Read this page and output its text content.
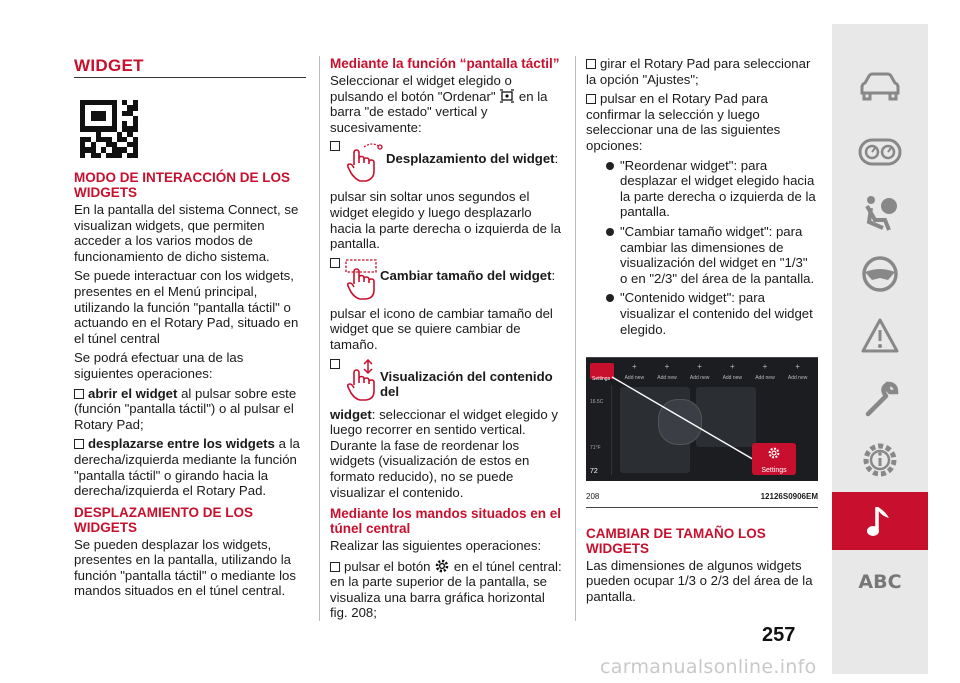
WIDGET
MODO DE INTERACCIÓN DE LOS WIDGETS

En la pantalla del sistema Connect, se visualizan widgets, que permiten acceder a los varios modos de funcionamiento de dicho sistema.

Se puede interactuar con los widgets, presentes en el Menú principal, utilizando la función "pantalla táctil" o actuando en el Rotary Pad, situado en el túnel central

Se podrá efectuar una de las siguientes operaciones:

abrir el widget al pulsar sobre este (función "pantalla táctil") o al pulsar el Rotary Pad;

desplazarse entre los widgets a la derecha/izquierda mediante la función "pantalla táctil" o girando hacia la derecha/izquierda el Rotary Pad.

DESPLAZAMIENTO DE LOS WIDGETS

Se pueden desplazar los widgets, presentes en la pantalla, utilizando la función "pantalla táctil" o mediante los mandos situados en el túnel central.

Mediante la función “pantalla táctil”

Seleccionar el widget elegido o pulsando el botón "Ordenar"  en la barra "de estado" vertical y sucesivamente:

Desplazamiento del widget:

pulsar sin soltar unos segundos el widget elegido y luego desplazarlo hacia la parte derecha o izquierda de la pantalla.

Cambiar tamaño del widget:

pulsar el icono de cambiar tamaño del widget que se quiere cambiar de tamaño.

Visualización del contenido del

widget: seleccionar el widget elegido y luego recorrer en sentido vertical. Durante la fase de reordenar los widgets (visualización de estos en formato reducido), no se puede visualizar el contenido.

Mediante los mandos situados en el túnel central

Realizar las siguientes operaciones:

pulsar el botón  en el túnel central: en la parte superior de la pantalla, se visualiza una barra gráfica horizontal fig. 208;

girar el Rotary Pad para seleccionar la opción "Ajustes";

pulsar en el Rotary Pad para confirmar la selección y luego seleccionar una de las siguientes opciones:

"Reordenar widget": para desplazar el widget elegido hacia la parte derecha o izquierda de la pantalla.

"Cambiar tamaño widget": para cambiar las dimensiones de visualización del widget en "1/3" o en "2/3" del área de la pantalla.

"Contenido widget": para visualizar el contenido del widget elegido.

Settings
+
Add new
+
Add new
+
Add new
+
Add new
+
Add new
+
Add new
16.5C
71°F
72	Settings
208	12126S0906EM
CAMBIAR DE TAMAÑO LOS WIDGETS

Las dimensiones de algunos widgets pueden ocupar 1/3 o 2/3 del área de la pantalla.

ABC
257
carmanualsonline.info
